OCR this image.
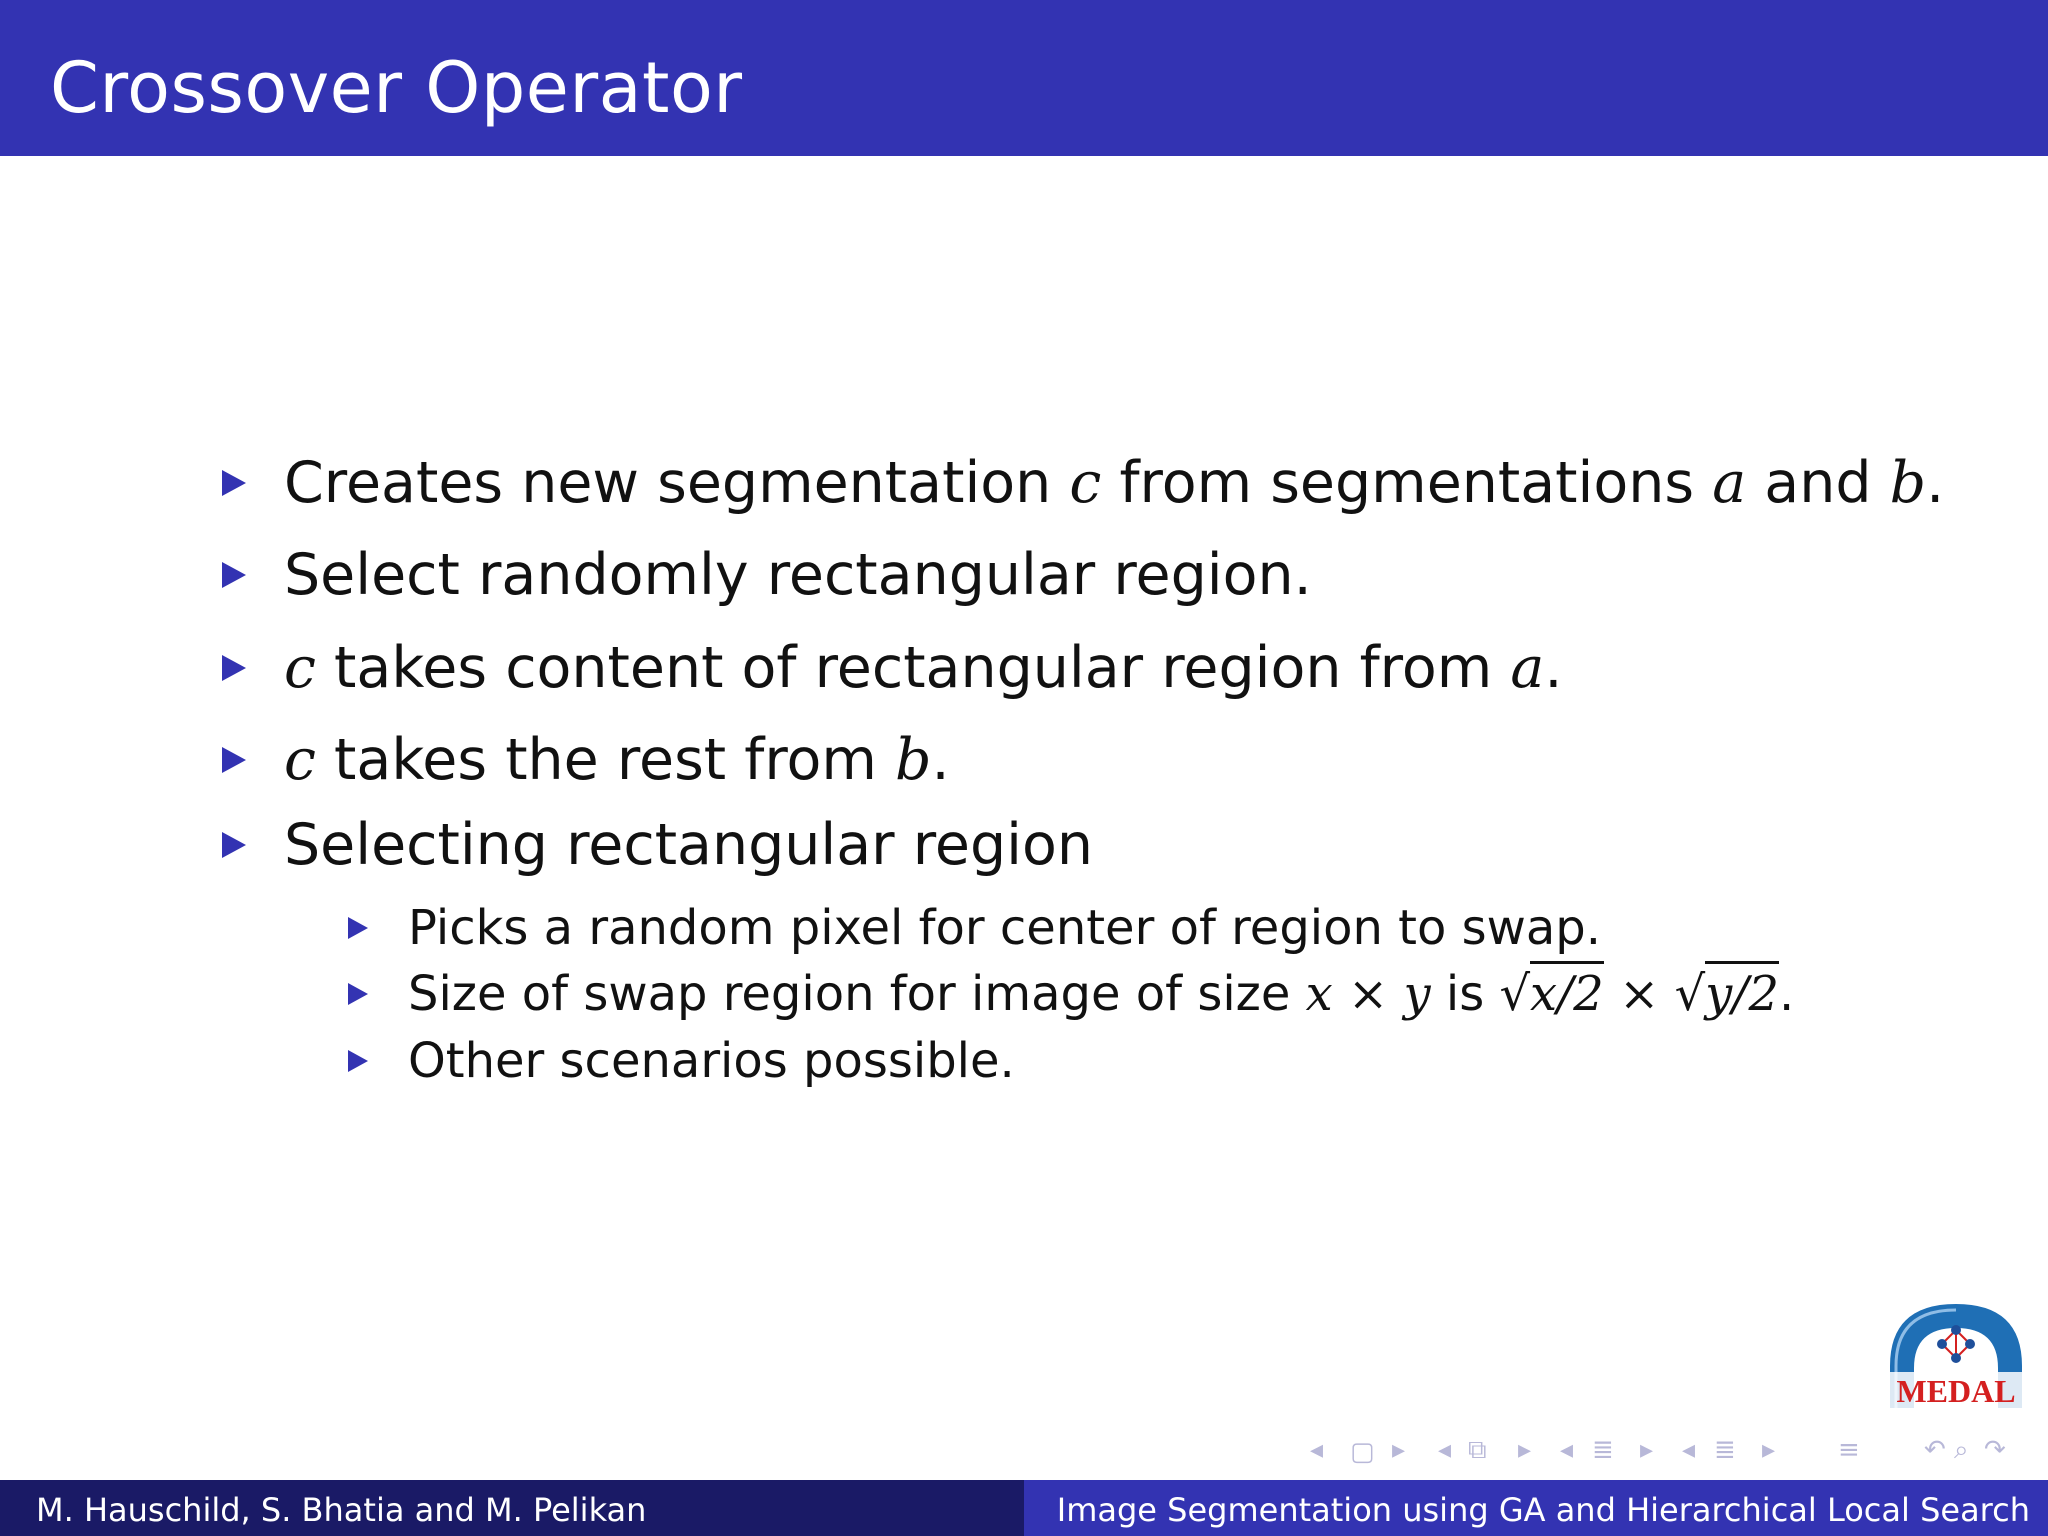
Crossover Operator
Creates new segmentation c from segmentations a and b.
Select randomly rectangular region.
c takes content of rectangular region from a.
c takes the rest from b.
Selecting rectangular region
Picks a random pixel for center of region to swap.
Size of swap region for image of size x × y is √x/2 × √y/2.
Other scenarios possible.
MEDAL
◂ ▢ ▸ ◂ ⧉ ▸ ◂ ≣ ▸ ◂ ≣ ▸ ≡ ↶ ⌕ ↷
M. Hauschild, S. Bhatia and M. Pelikan	Image Segmentation using GA and Hierarchical Local Search
